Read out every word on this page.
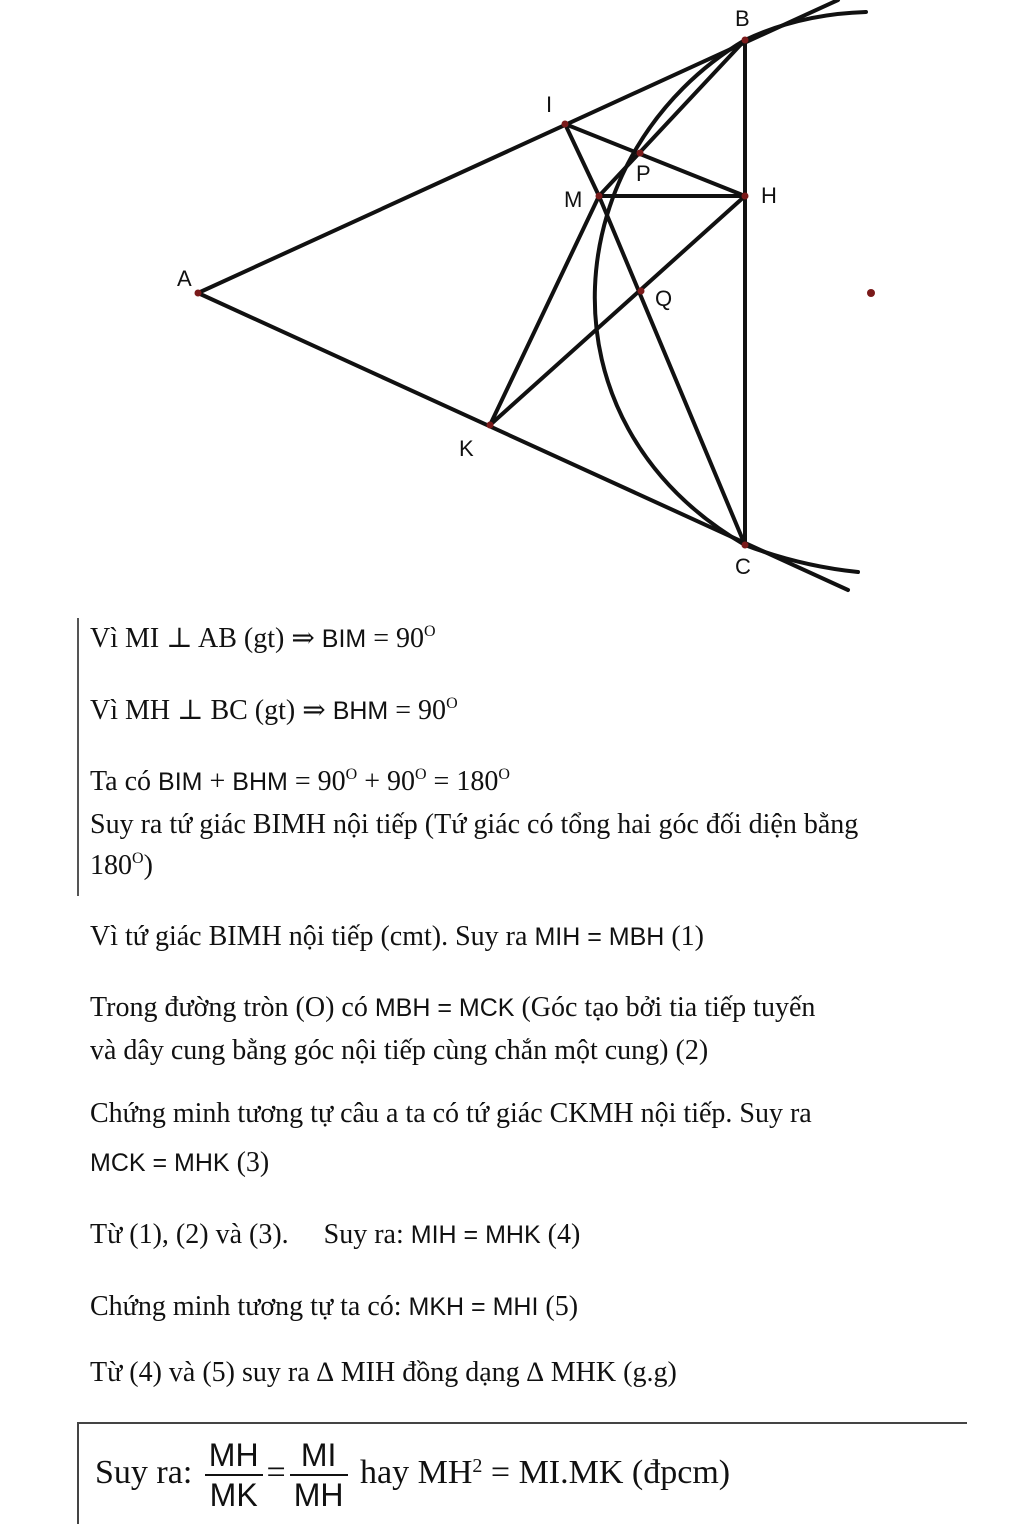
B
I
P
M	H
A
Q
K
C
Vì MI ⊥ AB (gt) ⇒ BIM = $90^O$
Vì MH ⊥ BC (gt) ⇒ BHM = $90^O$
Ta có BIM + BHM = $90^O + 90^O = 180^O$
Suy ra tứ giác BIMH nội tiếp (Tứ giác có tổng hai góc đối diện bằng
$180^O$)
Vì tứ giác BIMH nội tiếp (cmt). Suy ra MIH = MBH (1)
Trong đường tròn (O) có MBH = MCK (Góc tạo bởi tia tiếp tuyến
và dây cung bằng góc nội tiếp cùng chắn một cung) (2)
Chứng minh tương tự câu a ta có tứ giác CKMH nội tiếp. Suy ra
MCK = MHK (3)
Từ (1), (2) và (3).     Suy ra: MIH = MHK (4)
Chứng minh tương tự ta có: MKH = MHI (5)
Từ (4) và (5) suy ra ∆ MIH đồng dạng ∆ MHK (g.g)
Suy ra: $\frac{MH}{MK} = \frac{MI}{MH}$ hay $MH^2 = MI.MK$ (đpcm)
